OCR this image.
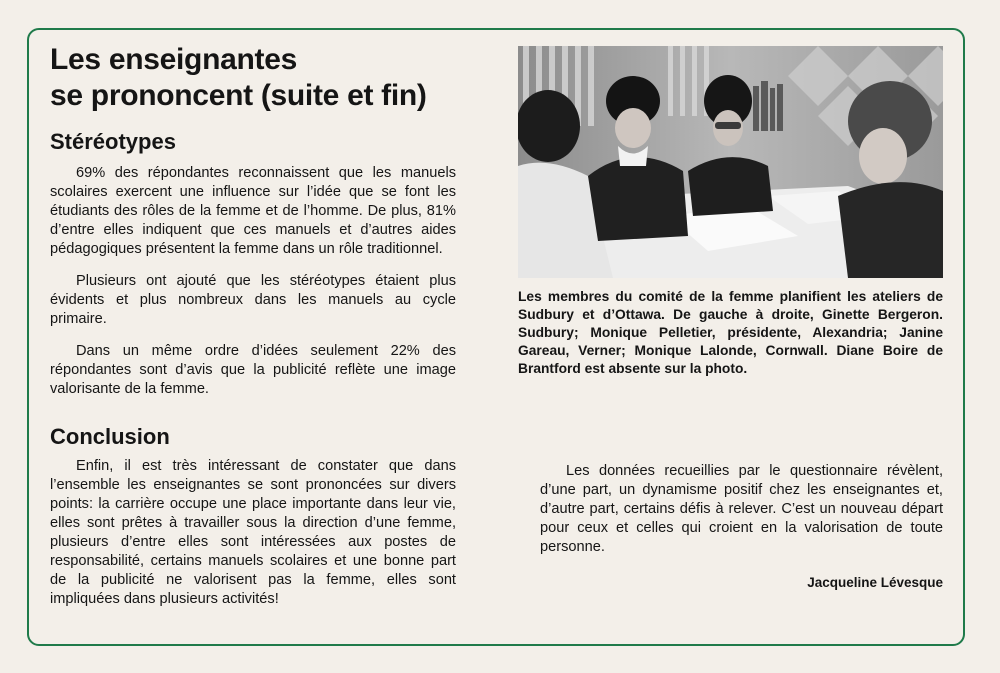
Les enseignantes
se prononcent (suite et fin)
Stéréotypes

69% des répondantes reconnaissent que les manuels scolaires exercent une influence sur l’idée que se font les étudiants des rôles de la femme et de l’homme. De plus, 81% d’entre elles indiquent que ces manuels et d’autres aides pédagogiques présentent la femme dans un rôle traditionnel.

Plusieurs ont ajouté que les stéréotypes étaient plus évidents et plus nombreux dans les manuels au cycle primaire.

Dans un même ordre d’idées seulement 22% des répondantes sont d’avis que la publicité reflète une image valorisante de la femme.

Conclusion

Enfin, il est très intéressant de constater que dans l’ensemble les enseignantes se sont prononcées sur divers points: la carrière occupe une place importante dans leur vie, elles sont prêtes à travailler sous la direction d’une femme, plusieurs d’entre elles sont intéressées aux postes de responsabilité, certains manuels scolaires et une bonne part de la publicité ne valorisent pas la femme, elles sont impliquées dans plusieurs activités!

Les membres du comité de la femme planifient les ateliers de Sudbury et d’Ottawa. De gauche à droite, Ginette Bergeron. Sudbury; Monique Pelletier, présidente, Alexandria; Janine Gareau, Verner; Monique Lalonde, Cornwall. Diane Boire de Brantford est absente sur la photo.

Les données recueillies par le questionnaire révèlent, d’une part, un dynamisme positif chez les enseignantes et, d’autre part, certains défis à relever. C’est un nouveau départ pour ceux et celles qui croient en la valorisation de toute personne.

Jacqueline Lévesque
